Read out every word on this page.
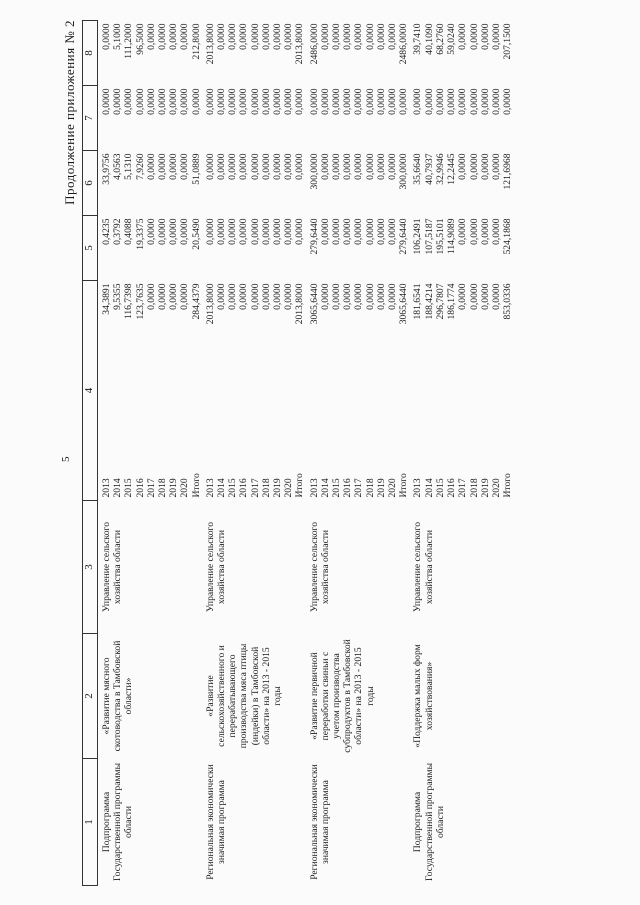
5
Продолжение приложения № 2
1	2	3	4		5	6	7	8
Подпрограмма Государственной программы области	«Развитие мясного скотоводства в Тамбовской области»	Управление сельского хозяйства области	2013	34,3891	0,4235	33,9756	0,0000	0,0000
			2014	9,5355	0,3792	4,0563	0,0000	5,1000
			2015	116,7398	0,4088	5,1310	0,0000	111,2000
			2016	123,7635	19,3375	7,9260	0,0000	96,5000
			2017	0,0000	0,0000	0,0000	0,0000	0,0000
			2018	0,0000	0,0000	0,0000	0,0000	0,0000
			2019	0,0000	0,0000	0,0000	0,0000	0,0000
			2020	0,0000	0,0000	0,0000	0,0000	0,0000
			Итого	284,4379	20,5490	51,0889	0,0000	212,8000
Региональная экономически значимая программа	«Развитие сельскохозяйственного и перерабатывающего производства мяса птицы (индейки) в Тамбовской области» на 2013 - 2015 годы	Управление сельского хозяйства области	2013	2013,8000	0,0000	0,0000	0,0000	2013,8000
			2014	0,0000	0,0000	0,0000	0,0000	0,0000
			2015	0,0000	0,0000	0,0000	0,0000	0,0000
			2016	0,0000	0,0000	0,0000	0,0000	0,0000
			2017	0,0000	0,0000	0,0000	0,0000	0,0000
			2018	0,0000	0,0000	0,0000	0,0000	0,0000
			2019	0,0000	0,0000	0,0000	0,0000	0,0000
			2020	0,0000	0,0000	0,0000	0,0000	0,0000
			Итого	2013,8000	0,0000	0,0000	0,0000	2013,8000
Региональная экономически значимая программа	«Развитие первичной переработки свиньи с учетом производства субпродуктов в Тамбовской области» на 2013 - 2015 годы	Управление сельского хозяйства области	2013	3065,6440	279,6440	300,0000	0,0000	2486,0000
			2014	0,0000	0,0000	0,0000	0,0000	0,0000
			2015	0,0000	0,0000	0,0000	0,0000	0,0000
			2016	0,0000	0,0000	0,0000	0,0000	0,0000
			2017	0,0000	0,0000	0,0000	0,0000	0,0000
			2018	0,0000	0,0000	0,0000	0,0000	0,0000
			2019	0,0000	0,0000	0,0000	0,0000	0,0000
			2020	0,0000	0,0000	0,0000	0,0000	0,0000
			Итого	3065,6440	279,6440	300,0000	0,0000	2486,0000
Подпрограмма Государственной программы области	«Поддержка малых форм хозяйствования»	Управление сельского хозяйства области	2013	181,6541	106,2491	35,6640	0,0000	39,7410
			2014	188,4214	107,5187	40,7937	0,0000	40,1090
			2015	296,7807	195,5101	32,9946	0,0000	68,2760
			2016	186,1774	114,9089	12,2445	0,0000	59,0240
			2017	0,0000	0,0000	0,0000	0,0000	0,0000
			2018	0,0000	0,0000	0,0000	0,0000	0,0000
			2019	0,0000	0,0000	0,0000	0,0000	0,0000
			2020	0,0000	0,0000	0,0000	0,0000	0,0000
			Итого	853,0336	524,1868	121,6968	0,0000	207,1500
